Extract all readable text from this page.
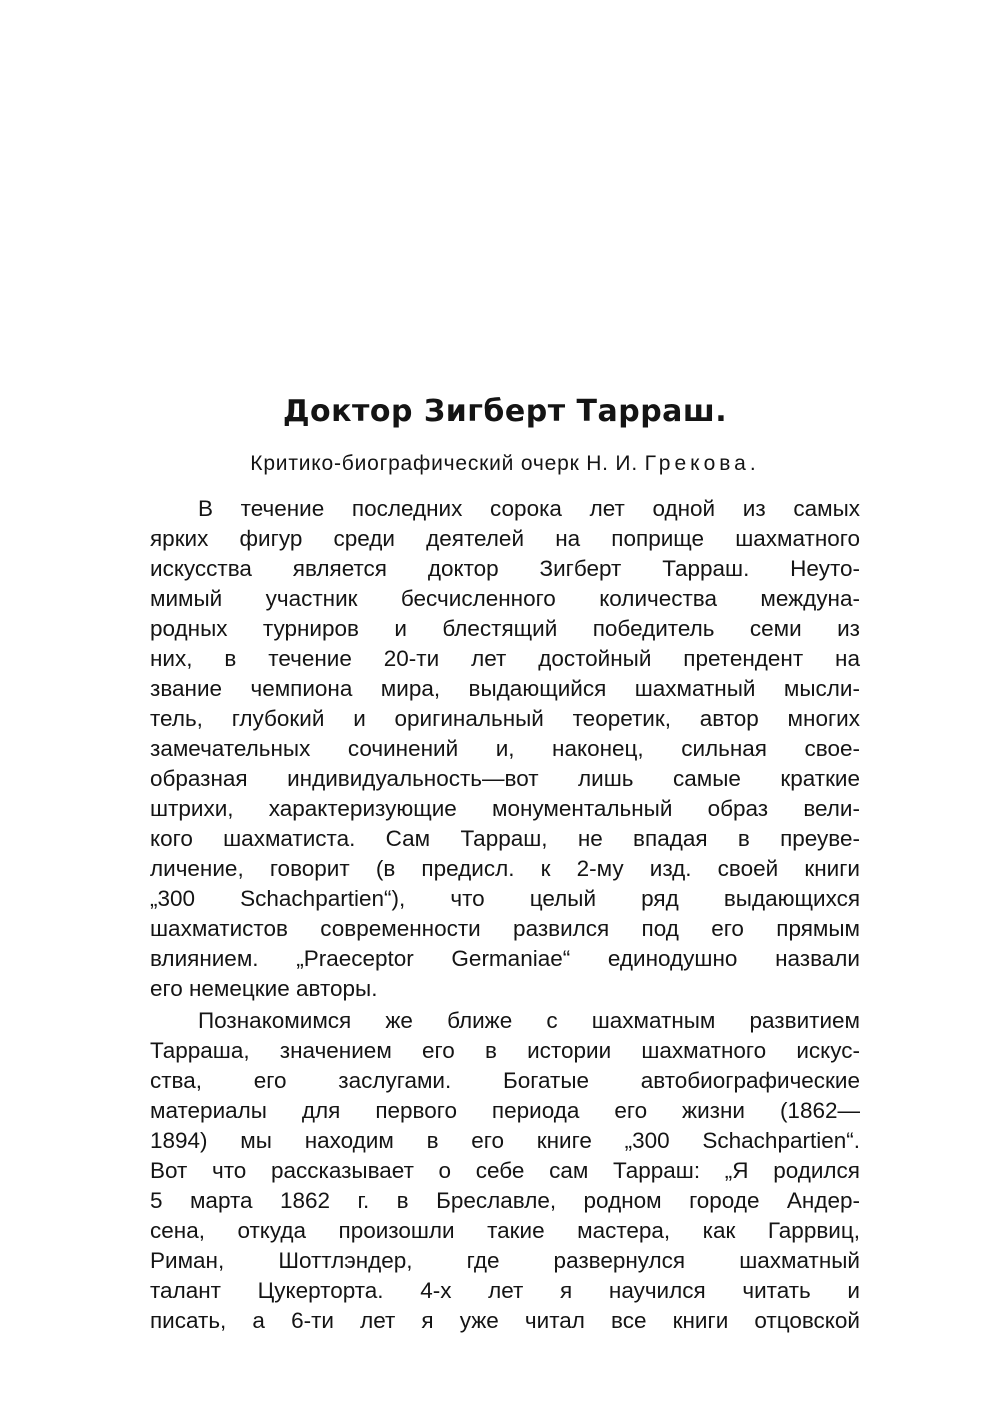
Доктор Зигберт Тарраш.

Критико-биографический очерк Н. И. Грекова.

В течение последних сорока лет одной из самых
ярких фигур среди деятелей на поприще шахматного
искусства является доктор Зигберт Тарраш. Неуто-
мимый участник бесчисленного количества междуна-
родных турниров и блестящий победитель семи из
них, в течение 20-ти лет достойный претендент на
звание чемпиона мира, выдающийся шахматный мысли-
тель, глубокий и оригинальный теоретик, автор многих
замечательных сочинений и, наконец, сильная свое-
образная индивидуальность—вот лишь самые краткие
штрихи, характеризующие монументальный образ вели-
кого шахматиста. Сам Тарраш, не впадая в преуве-
личение, говорит (в предисл. к 2-му изд. своей книги
„300 Schachpartien“), что целый ряд выдающихся
шахматистов современности развился под его прямым
влиянием. „Praeceptor Germaniae“ единодушно назвали
его немецкие авторы.
Познакомимся же ближе с шахматным развитием
Тарраша, значением его в истории шахматного искус-
ства, его заслугами. Богатые автобиографические
материалы для первого периода его жизни (1862—
1894) мы находим в его книге „300 Schachpartien“.
Вот что рассказывает о себе сам Тарраш: „Я родился
5 марта 1862 г. в Бреславле, родном городе Андер-
сена, откуда произошли такие мастера, как Гаррвиц,
Риман, Шоттлэндер, где развернулся шахматный
талант Цукерторта. 4-х лет я научился читать и
писать, а 6-ти лет я уже читал все книги отцовской
